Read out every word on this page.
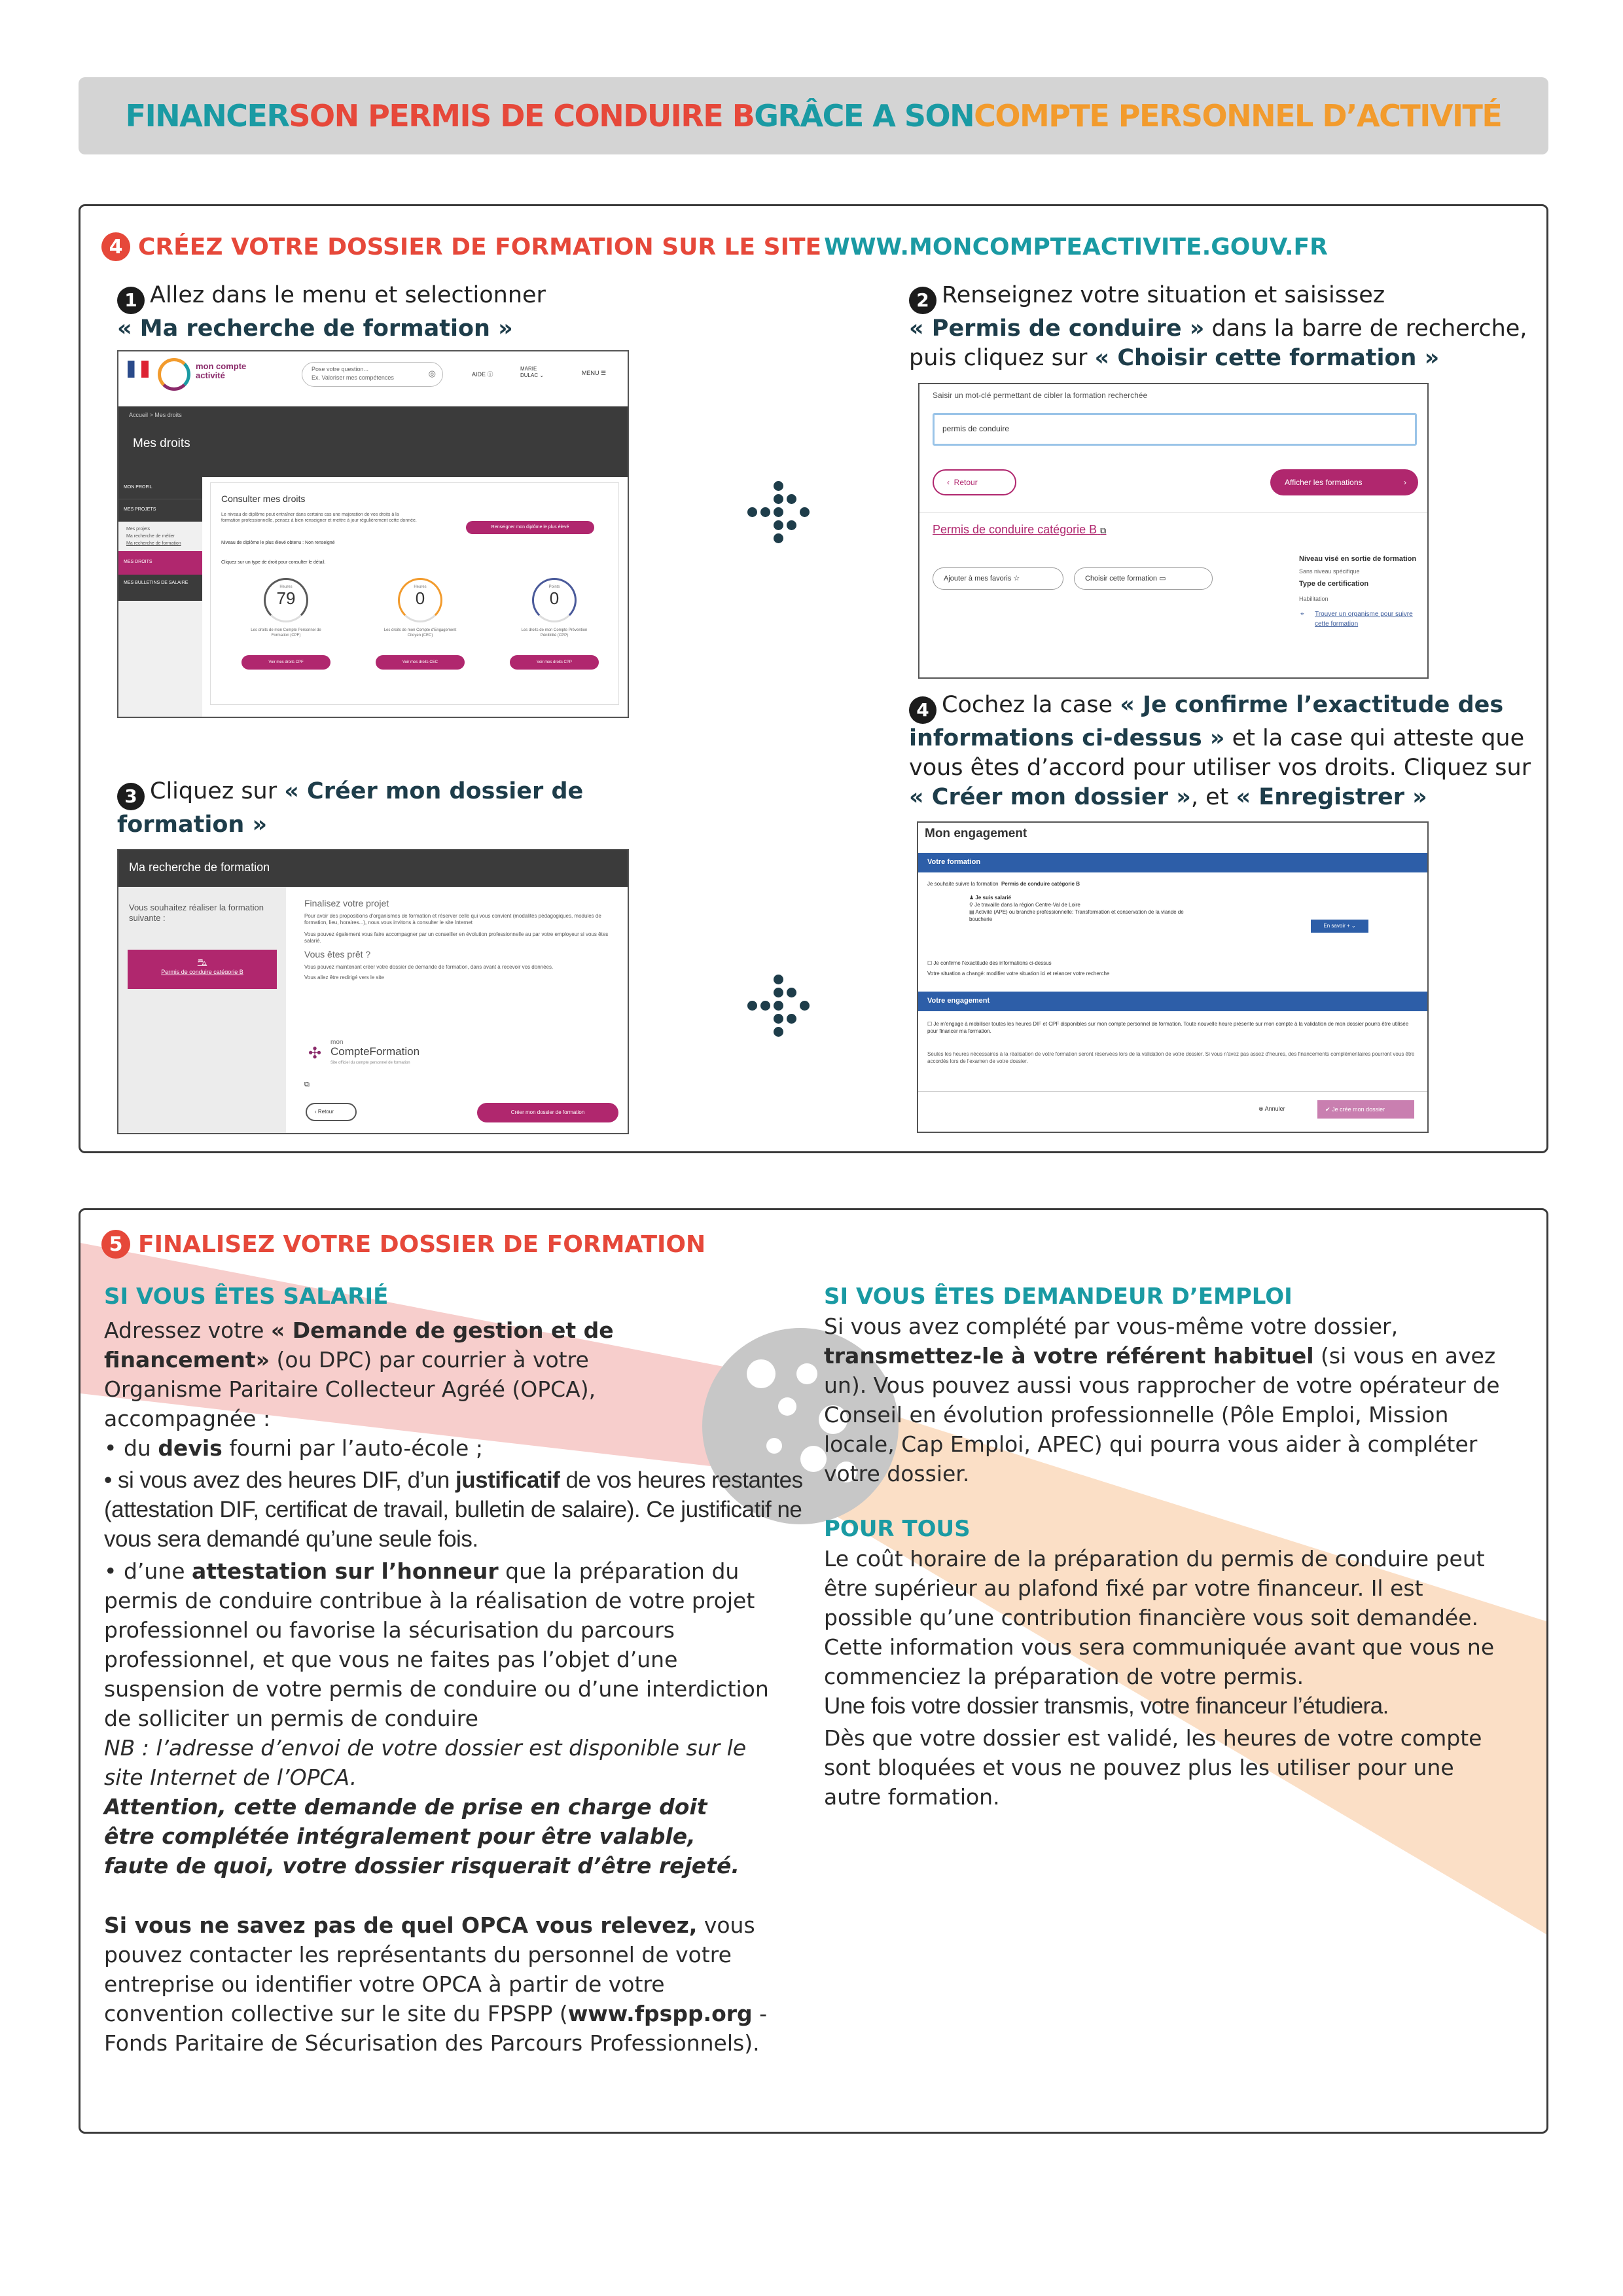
FINANCER SON PERMIS DE CONDUIRE B GRÂCE A SON COMPTE PERSONNEL D’ACTIVITÉ
4 CRÉEZ VOTRE DOSSIER DE FORMATION SUR LE SITE WWW.MONCOMPTEACTIVITE.GOUV.FR
1 Allez dans le menu et selectionner
« Ma recherche de formation »
mon compte
activité
Pose votre question...
Ex. Valoriser mes compétences	◎	AIDE ⓘ
MARIE DULAC ⌄	MENU ☰
Accueil > Mes droits
Mes droits
MON PROFIL
MES PROJETS
Mes projets
Ma recherche de métier
Ma recherche de formation
MES DROITS
MES BULLETINS DE SALAIRE
Consulter mes droits
Le niveau de diplôme peut entraîner dans certains cas une majoration de vos droits à la formation professionnelle, pensez à bien renseigner et mettre à jour régulièrement cette donnée.
Niveau de diplôme le plus élevé obtenu : Non renseigné
Renseigner mon diplôme le plus élevé
Cliquez sur un type de droit pour consulter le détail.
Heures
79
Les droits de mon Compte Personnel de Formation (CPF)
Voir mes droits CPF
Heures
0
Les droits de mon Compte d'Engagement Citoyen (CEC)
Voir mes droits CEC
Points
0
Les droits de mon Compte Prévention Pénibilité (CPP)
Voir mes droits CPP
2 Renseignez votre situation et saisissez
« Permis de conduire » dans la barre de recherche, puis cliquez sur « Choisir cette formation »
Saisir un mot-clé permettant de cibler la formation recherchée
permis de conduire
‹ Retour	Afficher les formations	›
Permis de conduire catégorie B ⧉
Ajouter à mes favoris ☆	Choisir cette formation ▭
Niveau visé en sortie de formation
Sans niveau spécifique
Type de certification
Habilitation
⌖ Trouver un organisme pour suivre cette formation
3 Cliquez sur « Créer mon dossier de formation »
Ma recherche de formation
Vous souhaitez réaliser la formation suivante :
⛍
Permis de conduire catégorie B
Finalisez votre projet
Pour avoir des propositions d'organismes de formation et réserver celle qui vous convient (modalités pédagogiques, modules de formation, lieu, horaires...), nous vous invitons à consulter le site Internet
Vous pouvez également vous faire accompagner par un conseiller en évolution professionnelle au par votre employeur si vous êtes salarié.
Vous êtes prêt ?
Vous pouvez maintenant créer votre dossier de demande de formation, dans avant à recevoir vos données.
Vous allez être redirigé vers le site
✣
mon
CompteFormation
Site officiel du compte personnel de formation
⧉
‹ Retour	Créer mon dossier de formation
4 Cochez la case « Je confirme l’exactitude des informations ci-dessus » et la case qui atteste que vous êtes d’accord pour utiliser vos droits. Cliquez sur « Créer mon dossier », et « Enregistrer »
Mon engagement
Votre formation
Je souhaite suivre la formation Permis de conduire catégorie B
♟ Je suis salarié
⚲ Je travaille dans la région Centre-Val de Loire
▤ Activité (APE) ou branche professionnelle: Transformation et conservation de la viande de boucherie
En savoir + ⌄
☐ Je confirme l'exactitude des informations ci-dessus
Votre situation a changé: modifier votre situation ici et relancer votre recherche
Votre engagement
☐ Je m'engage à mobiliser toutes les heures DIF et CPF disponibles sur mon compte personnel de formation. Toute nouvelle heure présente sur mon compte à la validation de mon dossier pourra être utilisée pour financer ma formation.
Seules les heures nécessaires à la réalisation de votre formation seront réservées lors de la validation de votre dossier. Si vous n'avez pas assez d'heures, des financements complémentaires pourront vous être accordés lors de l'examen de votre dossier.
⊗ Annuler	✔ Je crée mon dossier
5 FINALISEZ VOTRE DOSSIER DE FORMATION
SI VOUS ÊTES SALARIÉ
Adressez votre « Demande de gestion et de financement» (ou DPC) par courrier à votre Organisme Paritaire Collecteur Agréé (OPCA), accompagnée :
• du devis fourni par l’auto-école ;
• si vous avez des heures DIF, d’un justificatif de vos heures restantes (attestation DIF, certificat de travail, bulletin de salaire). Ce justificatif ne vous sera demandé qu’une seule fois.
• d’une attestation sur l’honneur que la préparation du permis de conduire contribue à la réalisation de votre projet professionnel ou favorise la sécurisation du parcours professionnel, et que vous ne faites pas l’objet d’une suspension de votre permis de conduire ou d’une interdiction de solliciter un permis de conduire
NB : l’adresse d’envoi de votre dossier est disponible sur le site Internet de l’OPCA.
Attention, cette demande de prise en charge doit être complétée intégralement pour être valable, faute de quoi, votre dossier risquerait d’être rejeté.
Si vous ne savez pas de quel OPCA vous relevez, vous pouvez contacter les représentants du personnel de votre entreprise ou identifier votre OPCA à partir de votre convention collective sur le site du FPSPP (www.fpspp.org - Fonds Paritaire de Sécurisation des Parcours Professionnels).
SI VOUS ÊTES DEMANDEUR D’EMPLOI
Si vous avez complété par vous-même votre dossier, transmettez-le à votre référent habituel (si vous en avez un). Vous pouvez aussi vous rapprocher de votre opérateur de Conseil en évolution professionnelle (Pôle Emploi, Mission locale, Cap Emploi, APEC) qui pourra vous aider à compléter votre dossier.
POUR TOUS
Le coût horaire de la préparation du permis de conduire peut être supérieur au plafond fixé par votre financeur. Il est possible qu’une contribution financière vous soit demandée. Cette information vous sera communiquée avant que vous ne commenciez la préparation de votre permis.
Une fois votre dossier transmis, votre financeur l’étudiera.
Dès que votre dossier est validé, les heures de votre compte sont bloquées et vous ne pouvez plus les utiliser pour une autre formation.
